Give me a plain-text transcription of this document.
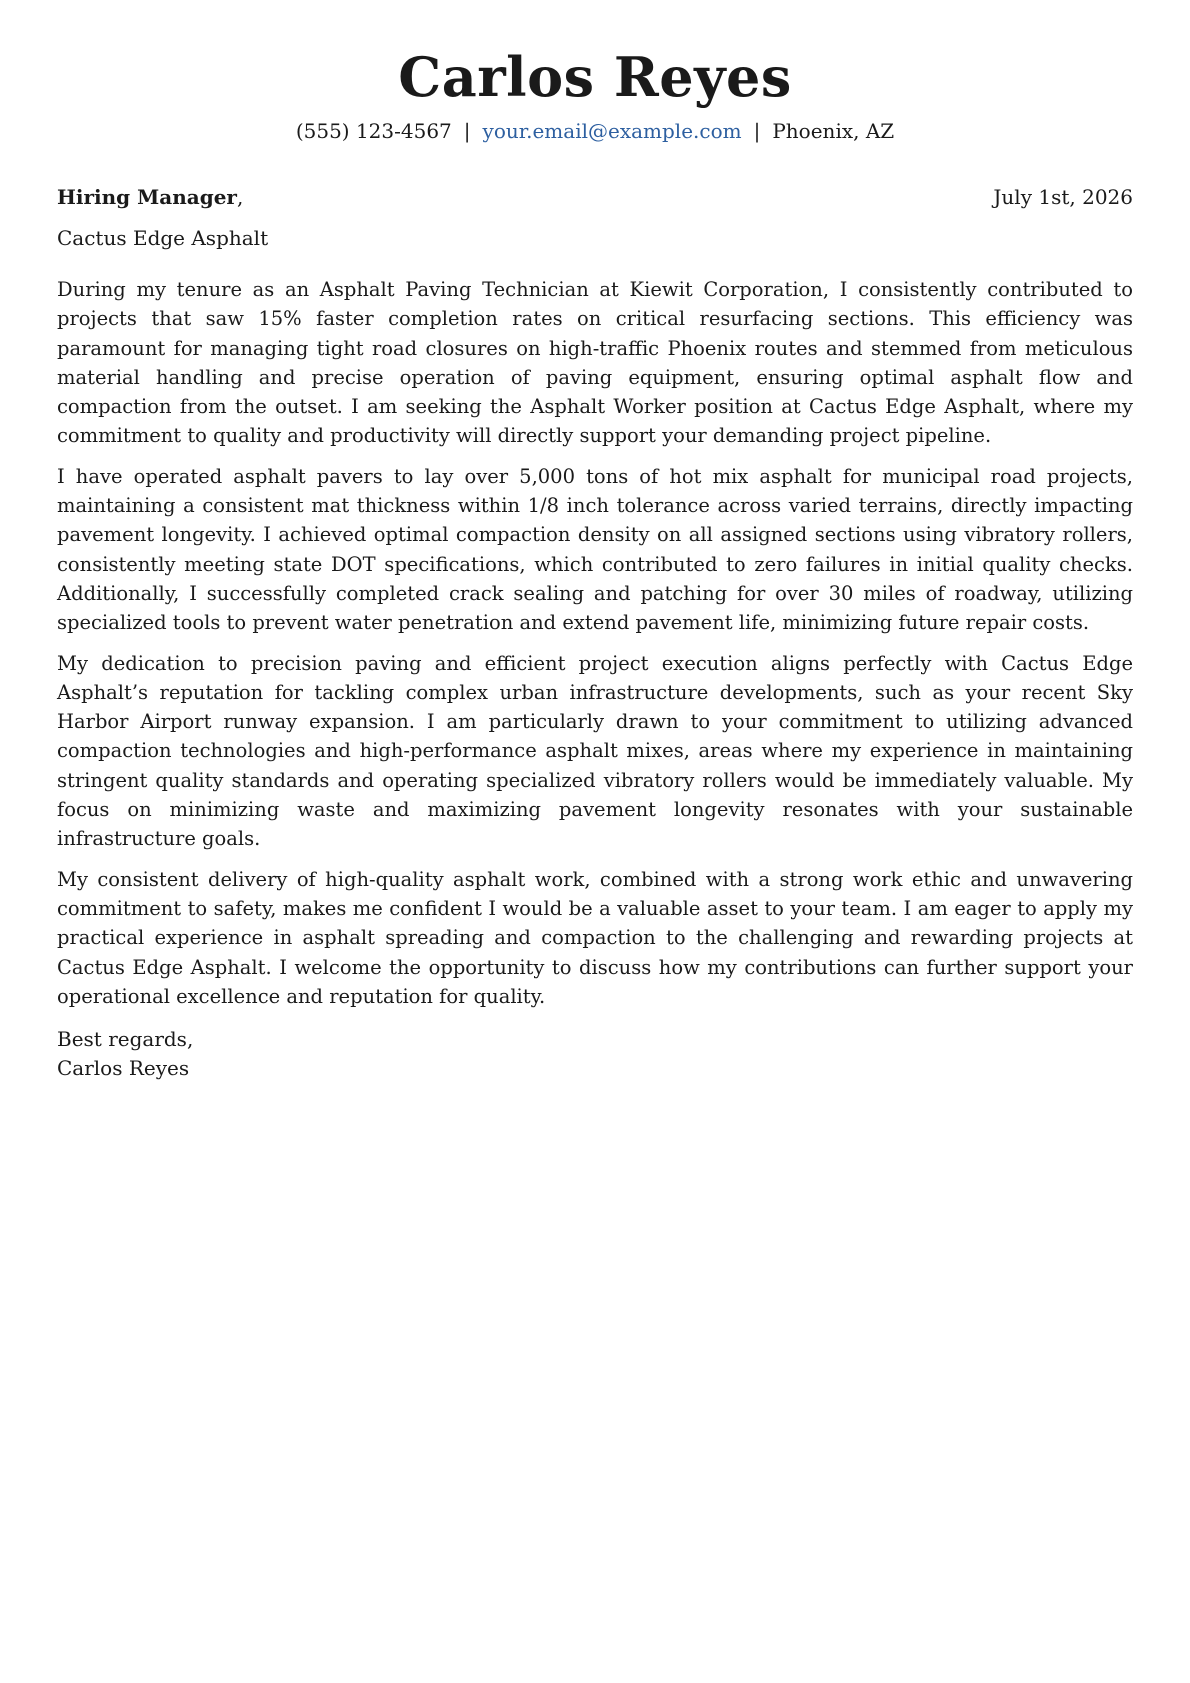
Carlos Reyes
(555) 123-4567 | your.email@example.com | Phoenix, AZ
Hiring Manager,	July 1st, 2026
Cactus Edge Asphalt

During my tenure as an Asphalt Paving Technician at Kiewit Corporation, I consistently contributed to projects that saw 15% faster completion rates on critical resurfacing sections. This efficiency was paramount for managing tight road closures on high-traffic Phoenix routes and stemmed from meticulous material handling and precise operation of paving equipment, ensuring optimal asphalt flow and compaction from the outset. I am seeking the Asphalt Worker position at Cactus Edge Asphalt, where my commitment to quality and productivity will directly support your demanding project pipeline.

I have operated asphalt pavers to lay over 5,000 tons of hot mix asphalt for municipal road projects, maintaining a consistent mat thickness within 1/8 inch tolerance across varied terrains, directly impacting pavement longevity. I achieved optimal compaction density on all assigned sections using vibratory rollers, consistently meeting state DOT specifications, which contributed to zero failures in initial quality checks. Additionally, I successfully completed crack sealing and patching for over 30 miles of roadway, utilizing specialized tools to prevent water penetration and extend pavement life, minimizing future repair costs.

My dedication to precision paving and efficient project execution aligns perfectly with Cactus Edge Asphalt’s reputation for tackling complex urban infrastructure developments, such as your recent Sky Harbor Airport runway expansion. I am particularly drawn to your commitment to utilizing advanced compaction technologies and high-performance asphalt mixes, areas where my experience in maintaining stringent quality standards and operating specialized vibratory rollers would be immediately valuable. My focus on minimizing waste and maximizing pavement longevity resonates with your sustainable infrastructure goals.

My consistent delivery of high-quality asphalt work, combined with a strong work ethic and unwavering commitment to safety, makes me confident I would be a valuable asset to your team. I am eager to apply my practical experience in asphalt spreading and compaction to the challenging and rewarding projects at Cactus Edge Asphalt. I welcome the opportunity to discuss how my contributions can further support your operational excellence and reputation for quality.

Best regards,
Carlos Reyes
